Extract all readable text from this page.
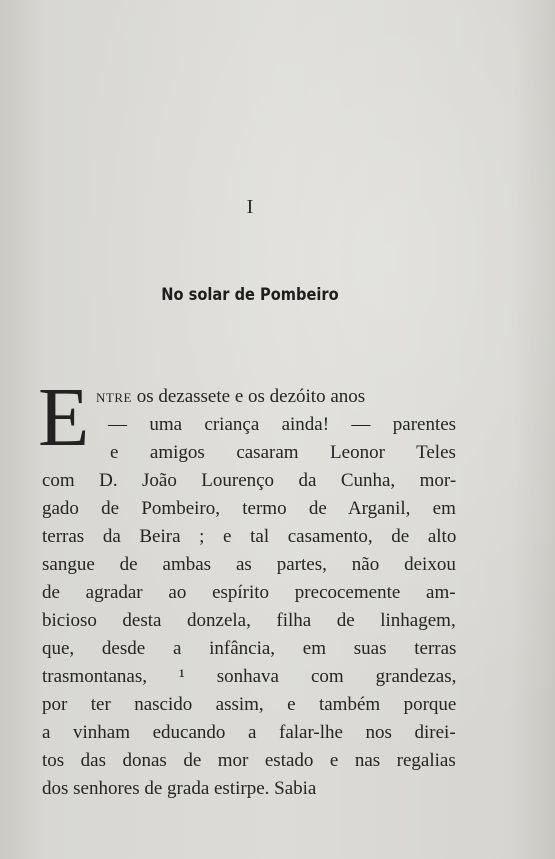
I
No solar de Pombeiro
E ntre os dezassete e os dezóito anos
— uma criança ainda! — parentes
e amigos casaram Leonor Teles
com D. João Lourenço da Cunha, mor-
gado de Pombeiro, termo de Arganil, em
terras da Beira ; e tal casamento, de alto
sangue de ambas as partes, não deixou
de agradar ao espírito precocemente am-
bicioso desta donzela, filha de linhagem,
que, desde a infância, em suas terras
trasmontanas, ¹ sonhava com grandezas,
por ter nascido assim, e também porque
a vinham educando a falar-lhe nos direi-
tos das donas de mor estado e nas regalias
dos senhores de grada estirpe. Sabia
